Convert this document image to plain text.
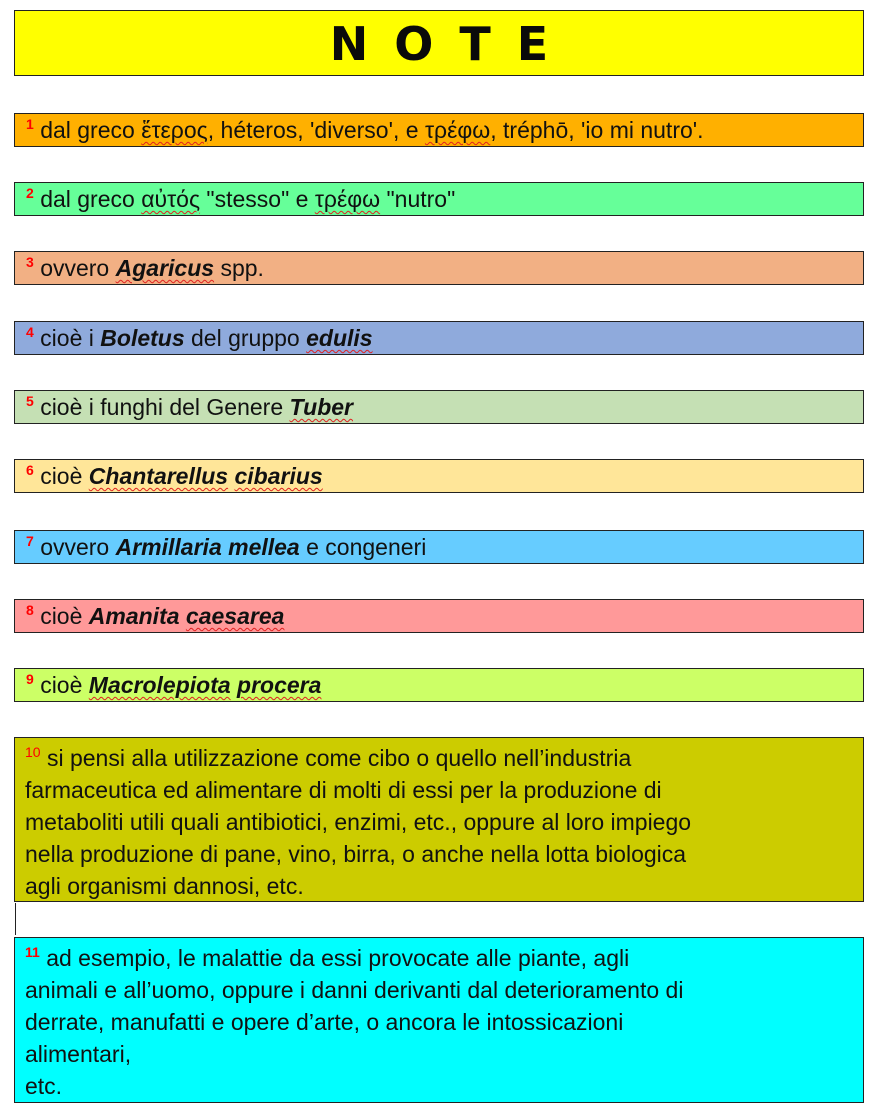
NOTE
$^1$ dal greco ἕτερος, héteros, 'diverso', e τρέφω, tréphō, 'io mi nutro'.
$^2$ dal greco αὐτός "stesso" e τρέφω "nutro"
$^3$ ovvero Agaricus spp.
$^4$ cioè i Boletus del gruppo edulis
$^5$ cioè i funghi del Genere Tuber
$^6$ cioè Chantarellus cibarius
$^7$ ovvero Armillaria mellea e congeneri
$^8$ cioè Amanita caesarea
$^9$ cioè Macrolepiota procera
$^{10}$ si pensi alla utilizzazione come cibo o quello nell’industria
farmaceutica ed alimentare di molti di essi per la produzione di
metaboliti utili quali antibiotici, enzimi, etc., oppure al loro impiego
nella produzione di pane, vino, birra, o anche nella lotta biologica
agli organismi dannosi, etc.
$^{11}$ ad esempio, le malattie da essi provocate alle piante, agli
animali e all’uomo, oppure i danni derivanti dal deterioramento di
derrate, manufatti e opere d’arte, o ancora le intossicazioni
alimentari,
etc.
